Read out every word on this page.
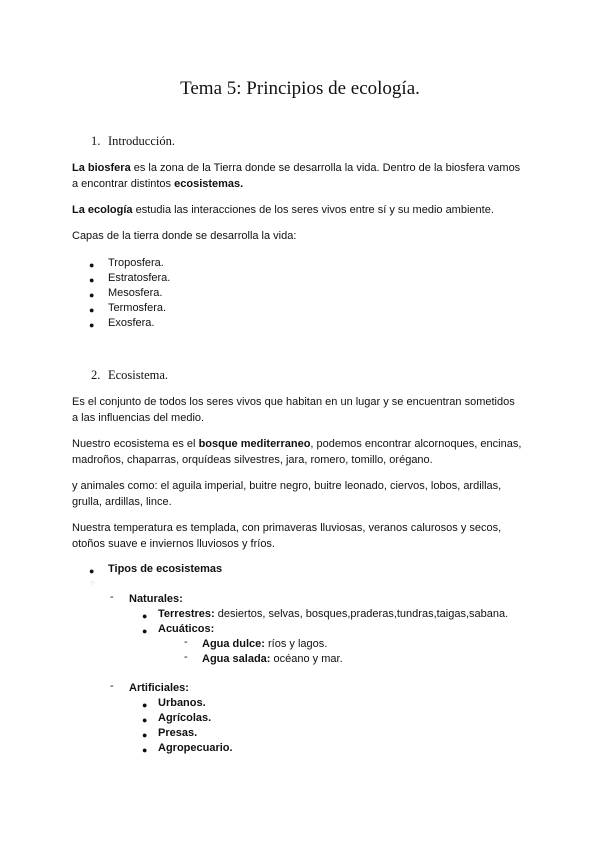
Tema 5: Principios de ecología.
1. Introducción.
La biosfera es la zona de la Tierra donde se desarrolla la vida. Dentro de la biosfera vamos
a encontrar distintos ecosistemas.
La ecología estudia las interacciones de los seres vivos entre sí y su medio ambiente.
Capas de la tierra donde se desarrolla la vida:
● Troposfera.
● Estratosfera.
● Mesosfera.
● Termosfera.
● Exosfera.
2. Ecosistema.
Es el conjunto de todos los seres vivos que habitan en un lugar y se encuentran sometidos
a las influencias del medio.
Nuestro ecosistema es el bosque mediterraneo, podemos encontrar alcornoques, encinas,
madroños, chaparras, orquídeas silvestres, jara, romero, tomillo, orégano.
y animales como: el aguila imperial, buitre negro, buitre leonado, ciervos, lobos, ardillas,
grulla, ardillas, lince.
Nuestra temperatura es templada, con primaveras lluviosas, veranos calurosos y secos,
otoños suave e inviernos lluviosos y fríos.
● Tipos de ecosistemas
○
- Naturales:
● Terrestres: desiertos, selvas, bosques,praderas,tundras,taigas,sabana.
● Acuáticos:
- Agua dulce: ríos y lagos.
- Agua salada: océano y mar.
- Artificiales:
● Urbanos.
● Agrícolas.
● Presas.
● Agropecuario.
